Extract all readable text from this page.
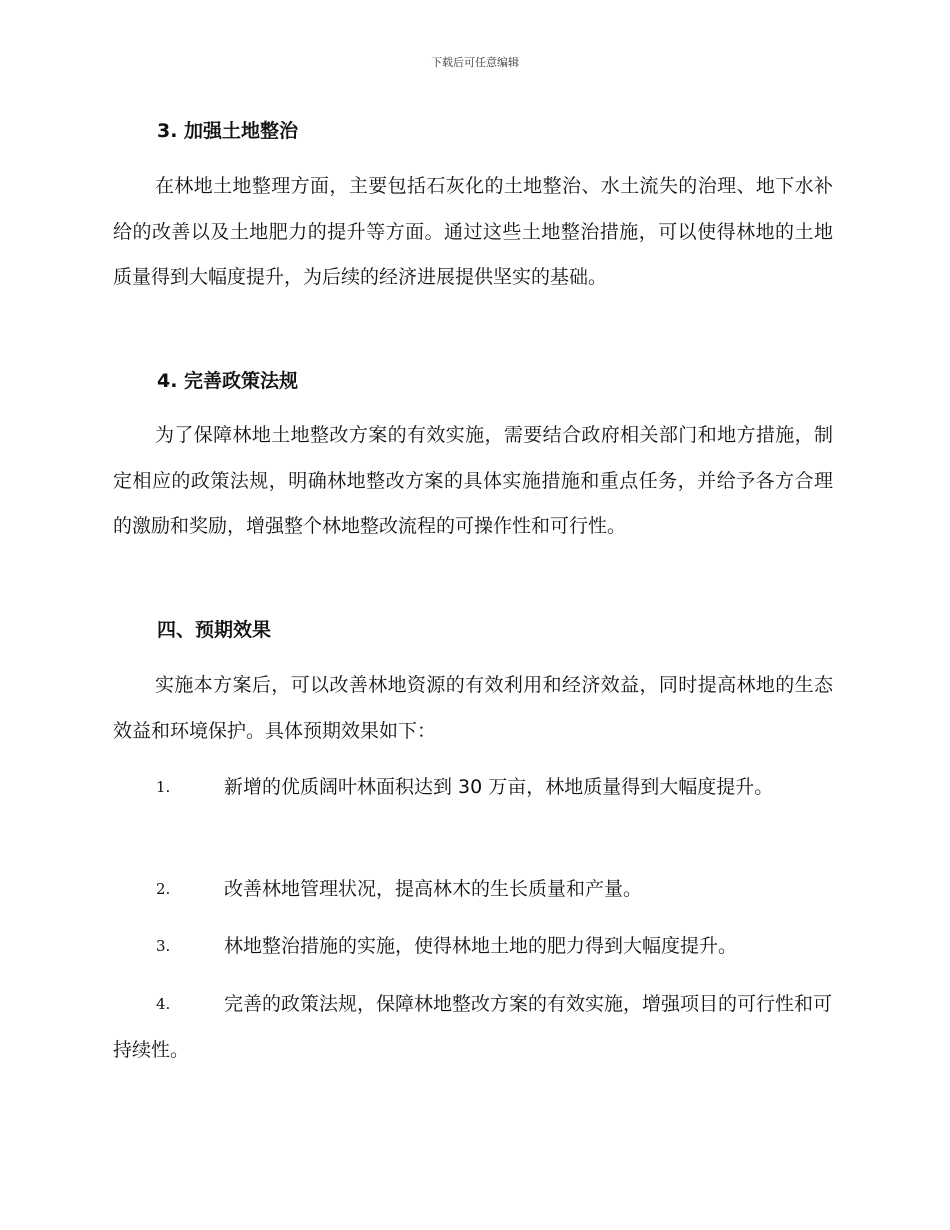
下载后可任意编辑
3. 加强土地整治
在林地土地整理方面，主要包括石灰化的土地整治、水土流失的治理、地下水补给的改善以及土地肥力的提升等方面。通过这些土地整治措施，可以使得林地的土地质量得到大幅度提升，为后续的经济进展提供坚实的基础。
4. 完善政策法规
为了保障林地土地整改方案的有效实施，需要结合政府相关部门和地方措施，制定相应的政策法规，明确林地整改方案的具体实施措施和重点任务，并给予各方合理的激励和奖励，增强整个林地整改流程的可操作性和可行性。
四、预期效果
实施本方案后，可以改善林地资源的有效利用和经济效益，同时提高林地的生态效益和环境保护。具体预期效果如下：
1.	新增的优质阔叶林面积达到 30 万亩，林地质量得到大幅度提升。
2.	改善林地管理状况，提高林木的生长质量和产量。
3.	林地整治措施的实施，使得林地土地的肥力得到大幅度提升。
4.	完善的政策法规，保障林地整改方案的有效实施，增强项目的可行性和可持续性。
